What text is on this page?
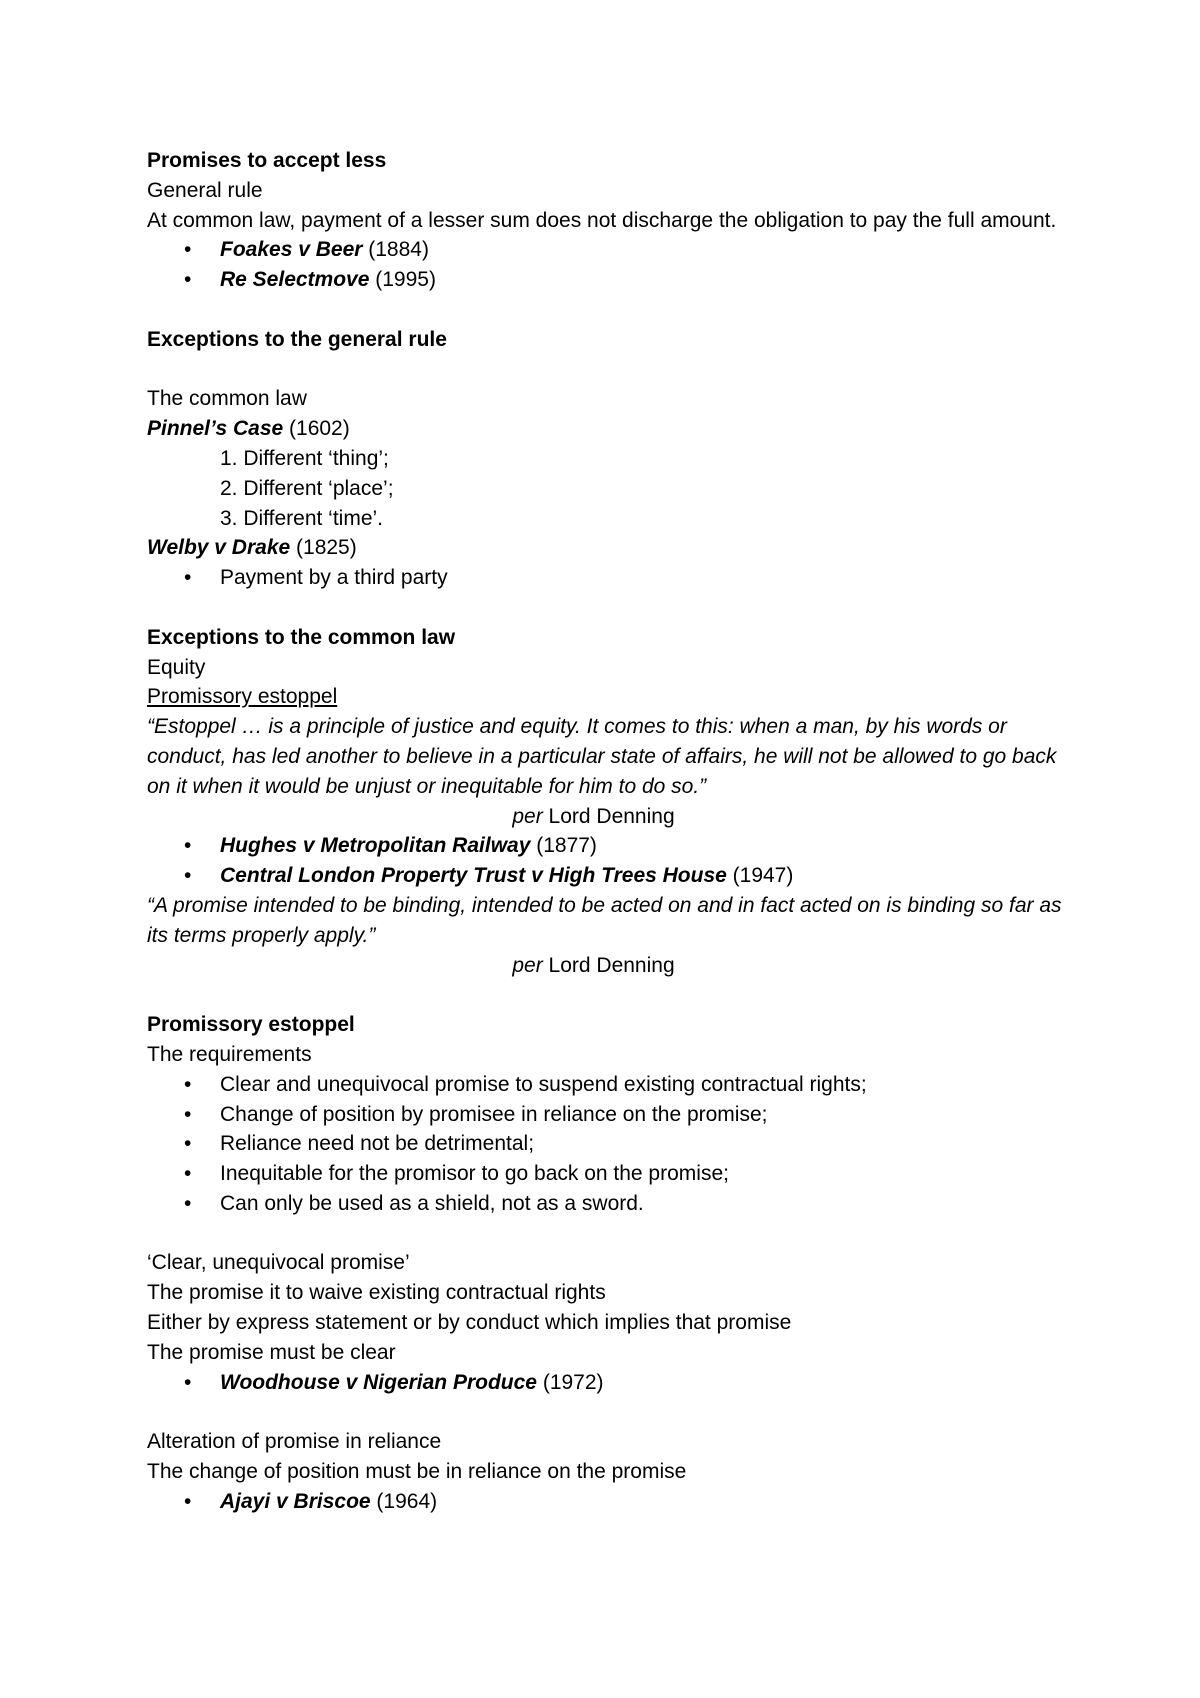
Promises to accept less
General rule
At common law, payment of a lesser sum does not discharge the obligation to pay the full amount.
• Foakes v Beer (1884)
• Re Selectmove (1995)
Exceptions to the general rule
The common law
Pinnel’s Case (1602)
1. Different ‘thing’;
2. Different ‘place’;
3. Different ‘time’.
Welby v Drake (1825)
• Payment by a third party
Exceptions to the common law
Equity
Promissory estoppel
“Estoppel … is a principle of justice and equity. It comes to this: when a man, by his words or conduct, has led another to believe in a particular state of affairs, he will not be allowed to go back on it when it would be unjust or inequitable for him to do so.”
per Lord Denning
• Hughes v Metropolitan Railway (1877)
• Central London Property Trust v High Trees House (1947)
“A promise intended to be binding, intended to be acted on and in fact acted on is binding so far as its terms properly apply.”
per Lord Denning
Promissory estoppel
The requirements
• Clear and unequivocal promise to suspend existing contractual rights;
• Change of position by promisee in reliance on the promise;
• Reliance need not be detrimental;
• Inequitable for the promisor to go back on the promise;
• Can only be used as a shield, not as a sword.
‘Clear, unequivocal promise’
The promise it to waive existing contractual rights
Either by express statement or by conduct which implies that promise
The promise must be clear
• Woodhouse v Nigerian Produce (1972)
Alteration of promise in reliance
The change of position must be in reliance on the promise
• Ajayi v Briscoe (1964)
